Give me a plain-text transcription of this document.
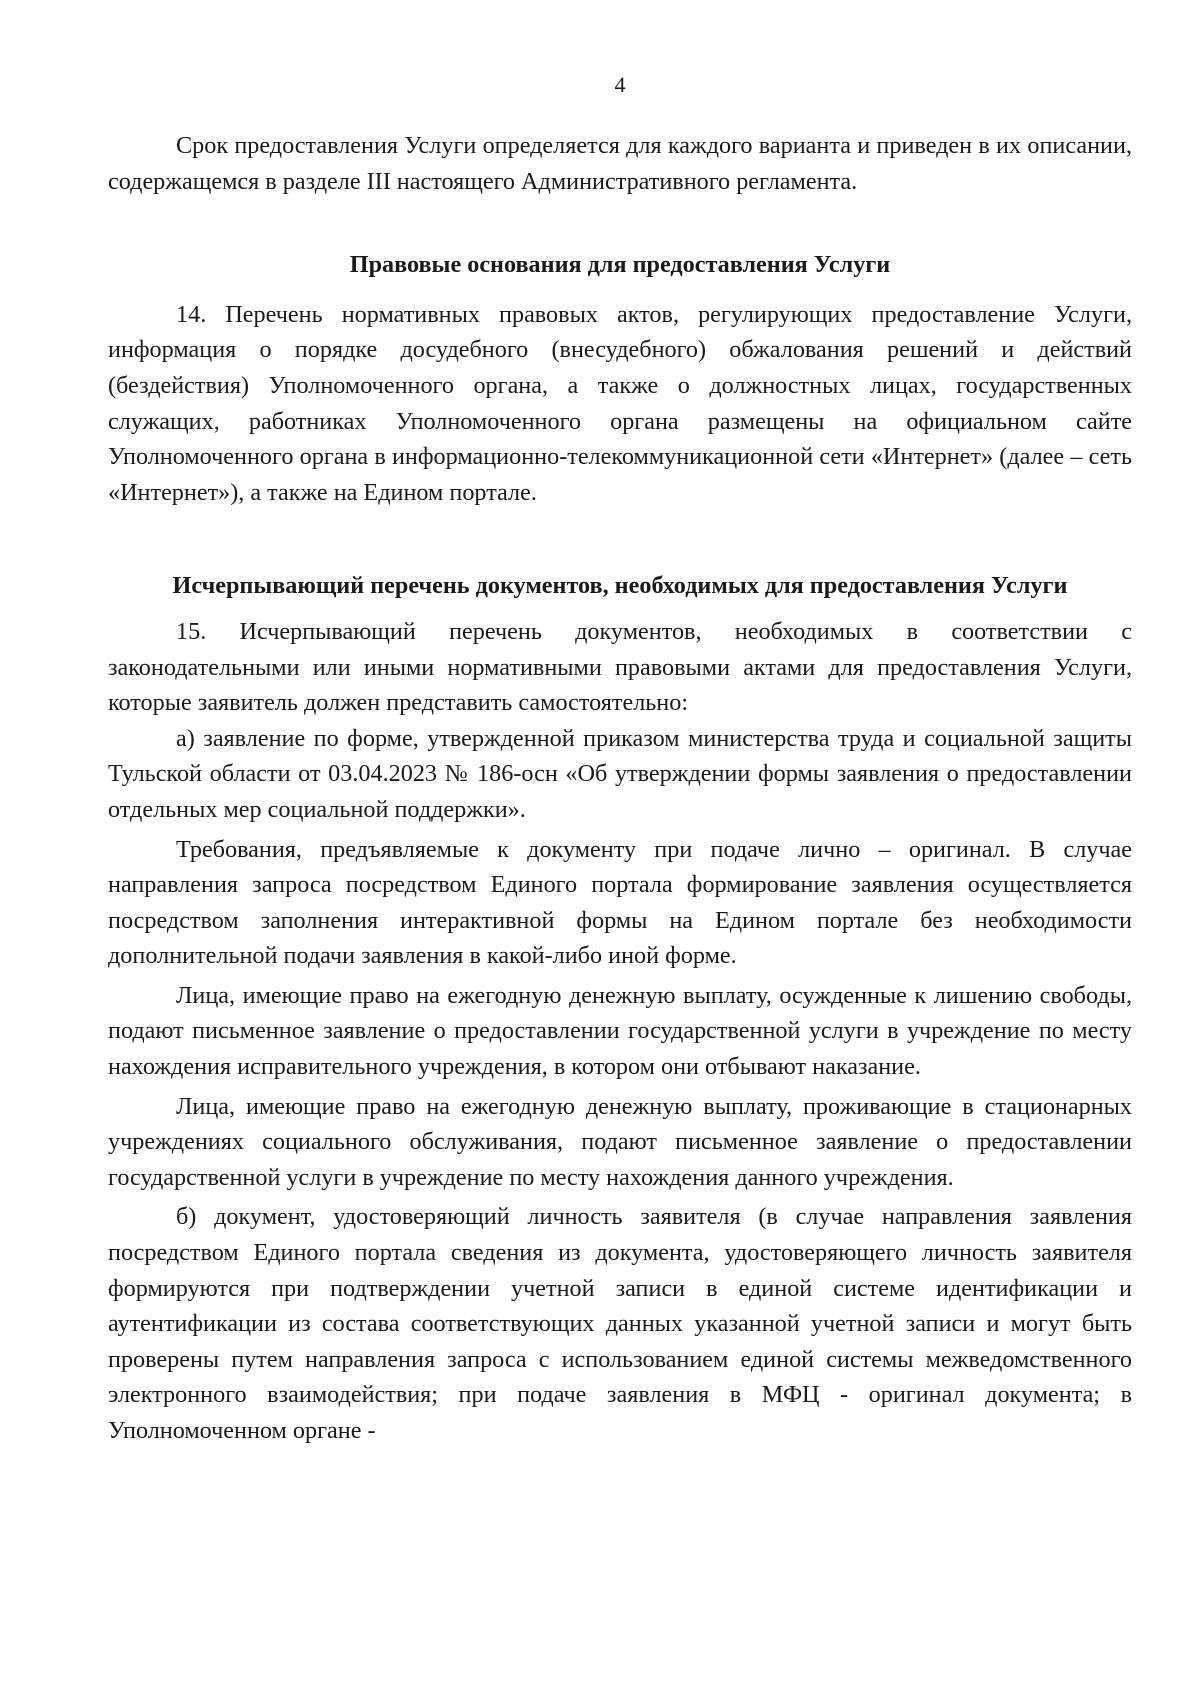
4

Срок предоставления Услуги определяется для каждого варианта и приведен в их описании, содержащемся в разделе III настоящего Административного регламента.

Правовые основания для предоставления Услуги

14. Перечень нормативных правовых актов, регулирующих предоставление Услуги, информация о порядке досудебного (внесудебного) обжалования решений и действий (бездействия) Уполномоченного органа, а также о должностных лицах, государственных служащих, работниках Уполномоченного органа размещены на официальном сайте Уполномоченного органа в информационно-телекоммуникационной сети «Интернет» (далее – сеть «Интернет»), а также на Едином портале.

Исчерпывающий перечень документов, необходимых для предоставления Услуги

15. Исчерпывающий перечень документов, необходимых в соответствии с законодательными или иными нормативными правовыми актами для предоставления Услуги, которые заявитель должен представить самостоятельно:

а) заявление по форме, утвержденной приказом министерства труда и социальной защиты Тульской области от 03.04.2023 № 186-осн «Об утверждении формы заявления о предоставлении отдельных мер социальной поддержки».

Требования, предъявляемые к документу при подаче лично – оригинал. В случае направления запроса посредством Единого портала формирование заявления осуществляется посредством заполнения интерактивной формы на Едином портале без необходимости дополнительной подачи заявления в какой-либо иной форме.

Лица, имеющие право на ежегодную денежную выплату, осужденные к лишению свободы, подают письменное заявление о предоставлении государственной услуги в учреждение по месту нахождения исправительного учреждения, в котором они отбывают наказание.

Лица, имеющие право на ежегодную денежную выплату, проживающие в стационарных учреждениях социального обслуживания, подают письменное заявление о предоставлении государственной услуги в учреждение по месту нахождения данного учреждения.

б) документ, удостоверяющий личность заявителя (в случае направления заявления посредством Единого портала сведения из документа, удостоверяющего личность заявителя формируются при подтверждении учетной записи в единой системе идентификации и аутентификации из состава соответствующих данных указанной учетной записи и могут быть проверены путем направления запроса с использованием единой системы межведомственного электронного взаимодействия; при подаче заявления в МФЦ - оригинал документа; в Уполномоченном органе -
